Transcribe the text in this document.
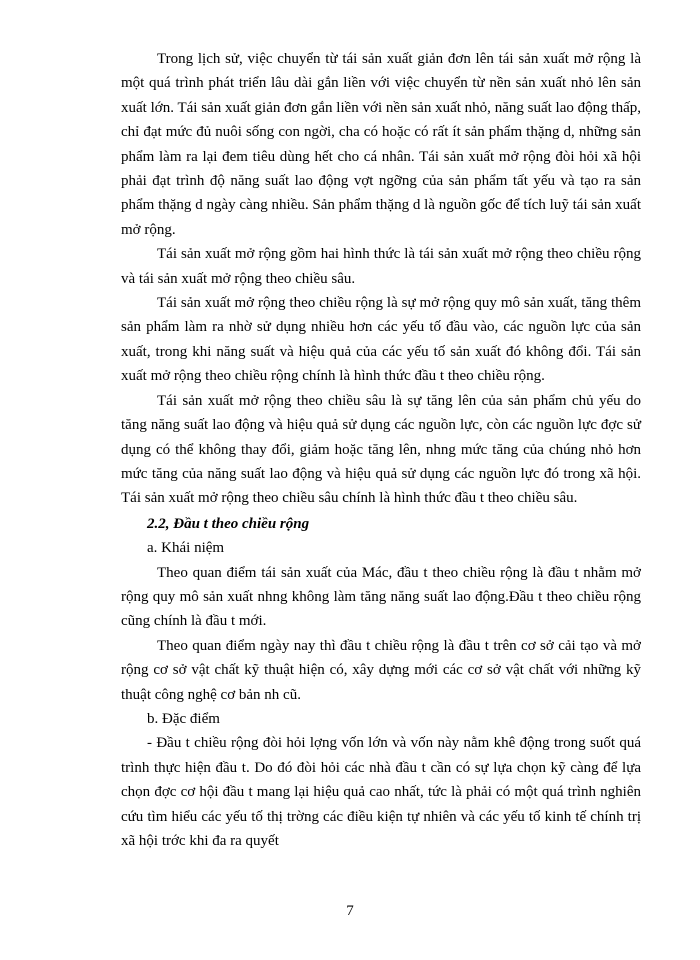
Trong lịch sử, việc chuyển từ tái sản xuất giản đơn lên tái sản xuất mở rộng là một quá trình phát triển lâu dài gắn liền với việc chuyển từ nền sản xuất nhỏ lên sản xuất lớn. Tái sản xuất giản đơn gắn liền với nền sản xuất nhỏ, năng suất lao động thấp, chỉ đạt mức đủ nuôi sống con ngời, cha có hoặc có rất ít sản phẩm thặng d, những sản phẩm làm ra lại đem tiêu dùng hết cho cá nhân. Tái sản xuất mở rộng đòi hỏi xã hội phải đạt trình độ năng suất lao động vợt ngỡng của sản phẩm tất yếu và tạo ra sản phẩm thặng d ngày càng nhiều. Sản phẩm thặng d là nguồn gốc để tích luỹ tái sản xuất mở rộng.

Tái sản xuất mở rộng gồm hai hình thức là tái sản xuất mở rộng theo chiều rộng và tái sản xuất mở rộng theo chiều sâu.

Tái sản xuất mở rộng theo chiều rộng là sự mở rộng quy mô sản xuất, tăng thêm sản phẩm làm ra nhờ sử dụng nhiều hơn các yếu tố đầu vào, các nguồn lực của sản xuất, trong khi năng suất và hiệu quả của các yếu tố sản xuất đó không đổi. Tái sản xuất mở rộng theo chiều rộng chính là hình thức đầu t theo chiều rộng.

Tái sản xuất mở rộng theo chiều sâu là sự tăng lên của sản phẩm chủ yếu do tăng năng suất lao động và hiệu quả sử dụng các nguồn lực, còn các nguồn lực đợc sử dụng có thể không thay đổi, giảm hoặc tăng lên, nhng mức tăng của chúng nhỏ hơn mức tăng của năng suất lao động và hiệu quả sử dụng các nguồn lực đó trong xã hội. Tái sản xuất mở rộng theo chiều sâu chính là hình thức đầu t theo chiều sâu.

2.2, Đầu t theo chiều rộng

a. Khái niệm

Theo quan điểm tái sản xuất của Mác, đầu t theo chiều rộng là đầu t nhằm mở rộng quy mô sản xuất nhng không làm tăng năng suất lao động.Đầu t theo chiều rộng cũng chính là đầu t mới.

Theo quan điểm ngày nay thì đầu t chiều rộng là đầu t trên cơ sở cải tạo và mở rộng cơ sở vật chất kỹ thuật hiện có, xây dựng mới các cơ sở vật chất với những kỹ thuật công nghệ cơ bản nh cũ.

b. Đặc điểm

- Đầu t chiều rộng đòi hỏi lợng vốn lớn và vốn này nằm khê động trong suốt quá trình thực hiện đầu t. Do đó đòi hỏi các nhà đầu t cần có sự lựa chọn kỹ càng để lựa chọn đợc cơ hội đầu t mang lại hiệu quả cao nhất, tức là phải có một quá trình nghiên cứu tìm hiểu các yếu tố thị trờng các điều kiện tự nhiên và các yếu tố kinh tế chính trị xã hội trớc khi đa ra quyết

7
